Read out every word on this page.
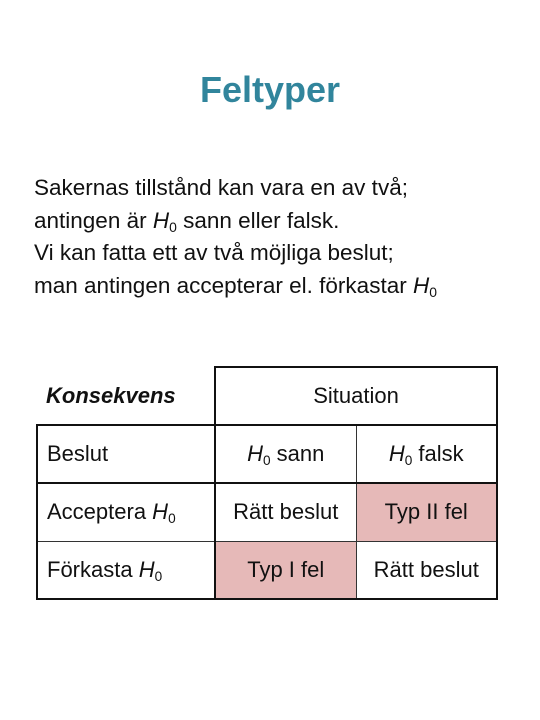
Feltyper

Sakernas tillstånd kan vara en av två;

antingen är $H_0$ sann eller falsk.

Vi kan fatta ett av två möjliga beslut;

man antingen accepterar el. förkastar $H_0$

Konsekvens	Situation	
Beslut	$H_0$ sann	$H_0$ falsk
Acceptera $H_0$	Rätt beslut	Typ II fel
Förkasta $H_0$	Typ I fel	Rätt beslut
